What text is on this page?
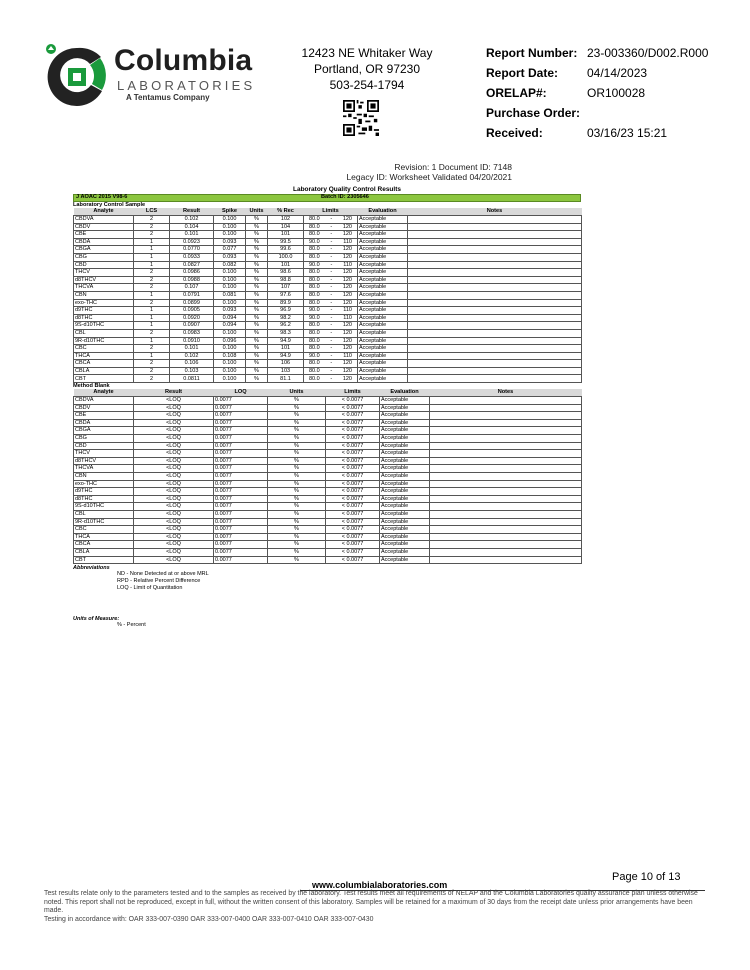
Columbia
LABORATORIES
A Tentamus Company
12423 NE Whitaker Way
Portland, OR 97230
503-254-1794
Report Number: 23-003360/D002.R000
Report Date: 04/14/2023
ORELAP#:	OR100028
Purchase Order:
Received:	03/16/23 15:21
Revision: 1 Document ID: 7148
Legacy ID: Worksheet Validated 04/20/2021
Laboratory Quality Control Results
J AOAC 2015 V98-6	Batch ID: 2305646
Laboratory Control Sample
Analyte	LCS	Result	Spike	Units	% Rec	Limits	Evaluation	Notes
CBDVA	2	0.102	0.100	%	102	80.0 - 120	Acceptable	
CBDV	2	0.104	0.100	%	104	80.0 - 120	Acceptable	
CBE	2	0.101	0.100	%	101	80.0 - 120	Acceptable	
CBDA	1	0.0923	0.093	%	99.5	90.0 - 110	Acceptable	
CBGA	1	0.0770	0.077	%	99.6	80.0 - 120	Acceptable	
CBG	1	0.0933	0.093	%	100.0	80.0 - 120	Acceptable	
CBD	1	0.0827	0.082	%	101	90.0 - 110	Acceptable	
THCV	2	0.0986	0.100	%	98.6	80.0 - 120	Acceptable	
d8THCV	2	0.0988	0.100	%	98.8	80.0 - 120	Acceptable	
THCVA	2	0.107	0.100	%	107	80.0 - 120	Acceptable	
CBN	1	0.0791	0.081	%	97.6	80.0 - 120	Acceptable	
exo-THC	2	0.0899	0.100	%	89.9	80.0 - 120	Acceptable	
d9THC	1	0.0905	0.093	%	96.9	90.0 - 110	Acceptable	
d8THC	1	0.0920	0.094	%	98.2	90.0 - 110	Acceptable	
9S-d10THC	1	0.0907	0.094	%	96.2	80.0 - 120	Acceptable	
CBL	2	0.0983	0.100	%	98.3	80.0 - 120	Acceptable	
9R-d10THC	1	0.0910	0.096	%	94.9	80.0 - 120	Acceptable	
CBC	2	0.101	0.100	%	101	80.0 - 120	Acceptable	
THCA	1	0.102	0.108	%	94.9	90.0 - 110	Acceptable	
CBCA	2	0.106	0.100	%	106	80.0 - 120	Acceptable	
CBLA	2	0.103	0.100	%	103	80.0 - 120	Acceptable	
CBT	2	0.0811	0.100	%	81.1	80.0 - 120	Acceptable	
Method Blank
Analyte	Result	LOQ	Units	Limits	Evaluation	Notes
CBDVA	<LOQ	0.0077	%	< 0.0077	Acceptable	
CBDV	<LOQ	0.0077	%	< 0.0077	Acceptable	
CBE	<LOQ	0.0077	%	< 0.0077	Acceptable	
CBDA	<LOQ	0.0077	%	< 0.0077	Acceptable	
CBGA	<LOQ	0.0077	%	< 0.0077	Acceptable	
CBG	<LOQ	0.0077	%	< 0.0077	Acceptable	
CBD	<LOQ	0.0077	%	< 0.0077	Acceptable	
THCV	<LOQ	0.0077	%	< 0.0077	Acceptable	
d8THCV	<LOQ	0.0077	%	< 0.0077	Acceptable	
THCVA	<LOQ	0.0077	%	< 0.0077	Acceptable	
CBN	<LOQ	0.0077	%	< 0.0077	Acceptable	
exo-THC	<LOQ	0.0077	%	< 0.0077	Acceptable	
d9THC	<LOQ	0.0077	%	< 0.0077	Acceptable	
d8THC	<LOQ	0.0077	%	< 0.0077	Acceptable	
9S-d10THC	<LOQ	0.0077	%	< 0.0077	Acceptable	
CBL	<LOQ	0.0077	%	< 0.0077	Acceptable	
9R-d10THC	<LOQ	0.0077	%	< 0.0077	Acceptable	
CBC	<LOQ	0.0077	%	< 0.0077	Acceptable	
THCA	<LOQ	0.0077	%	< 0.0077	Acceptable	
CBCA	<LOQ	0.0077	%	< 0.0077	Acceptable	
CBLA	<LOQ	0.0077	%	< 0.0077	Acceptable	
CBT	<LOQ	0.0077	%	< 0.0077	Acceptable	
Abbreviations
ND - None Detected at or above MRL
RPD - Relative Percent Difference
LOQ - Limit of Quantitation
Units of Measure:
% - Percent
Page 10 of 13
www.columbialaboratories.com
Test results relate only to the parameters tested and to the samples as received by the laboratory. Test results meet all requirements of NELAP and the Columbia Laboratories quality assurance plan unless otherwise noted. This report shall not be reproduced, except in full, without the written consent of this laboratory. Samples will be retained for a maximum of 30 days from the receipt date unless prior arrangements have been made.
Testing in accordance with: OAR 333-007-0390 OAR 333-007-0400 OAR 333-007-0410 OAR 333-007-0430
